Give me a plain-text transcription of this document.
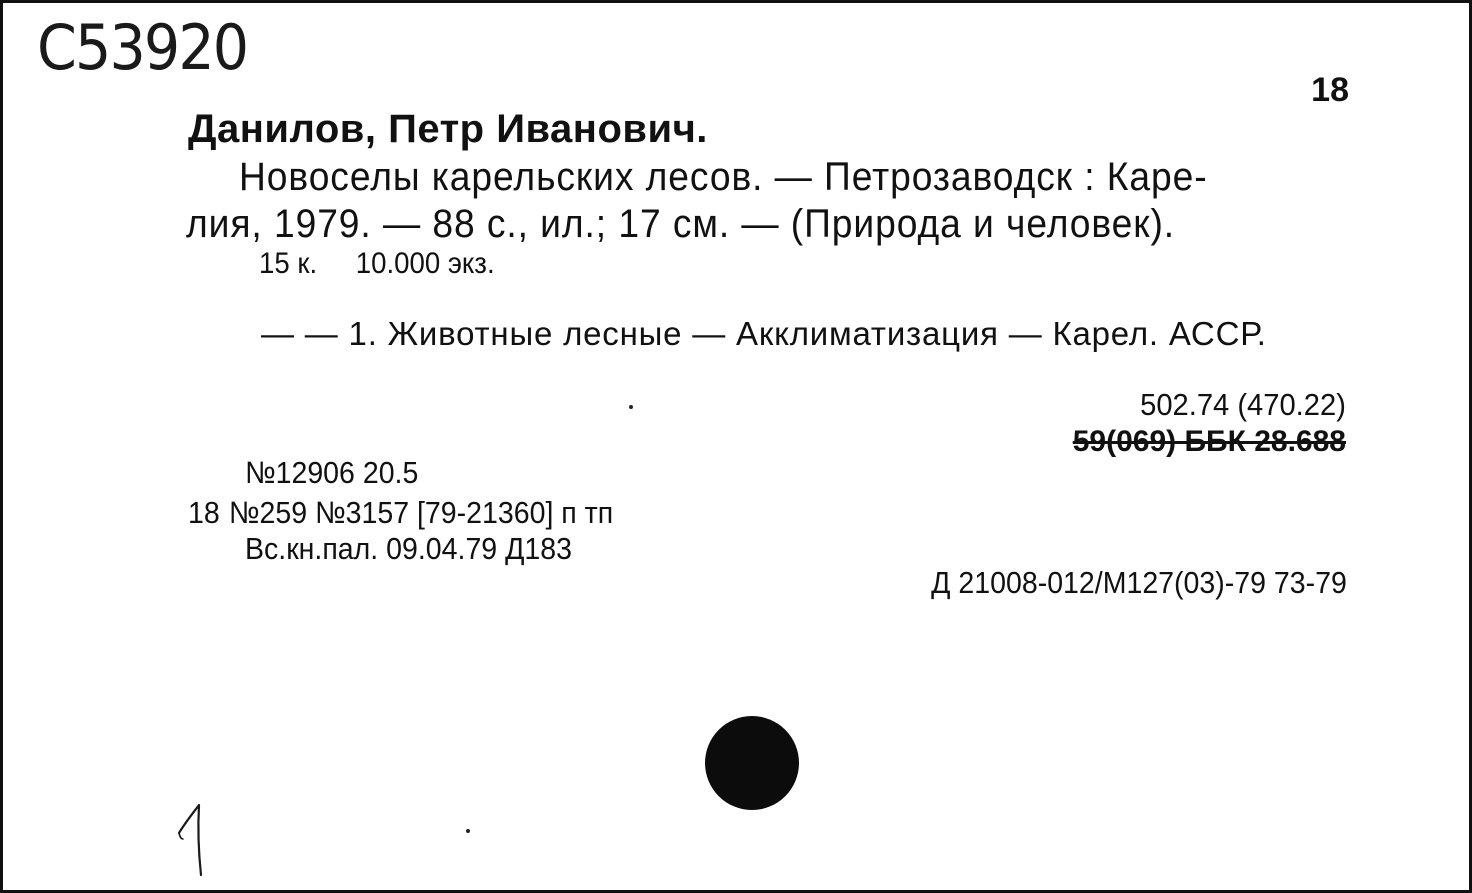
С53920
18
Данилов, Петр Иванович.
Новоселы карельских лесов. — Петрозаводск : Каре-
лия, 1979. — 88 с., ил.; 17 см. — (Природа и человек).
15 к. 10.000 экз.
— — 1. Животные лесные — Акклиматизация — Карел. АССР.
502.74 (470.22)
59(069) ББК 28.688
№12906 20.5
18 №259 №3157 [79-21360] п тп
Вс.кн.пал. 09.04.79 Д183
Д 21008-012/М127(03)-79 73-79
